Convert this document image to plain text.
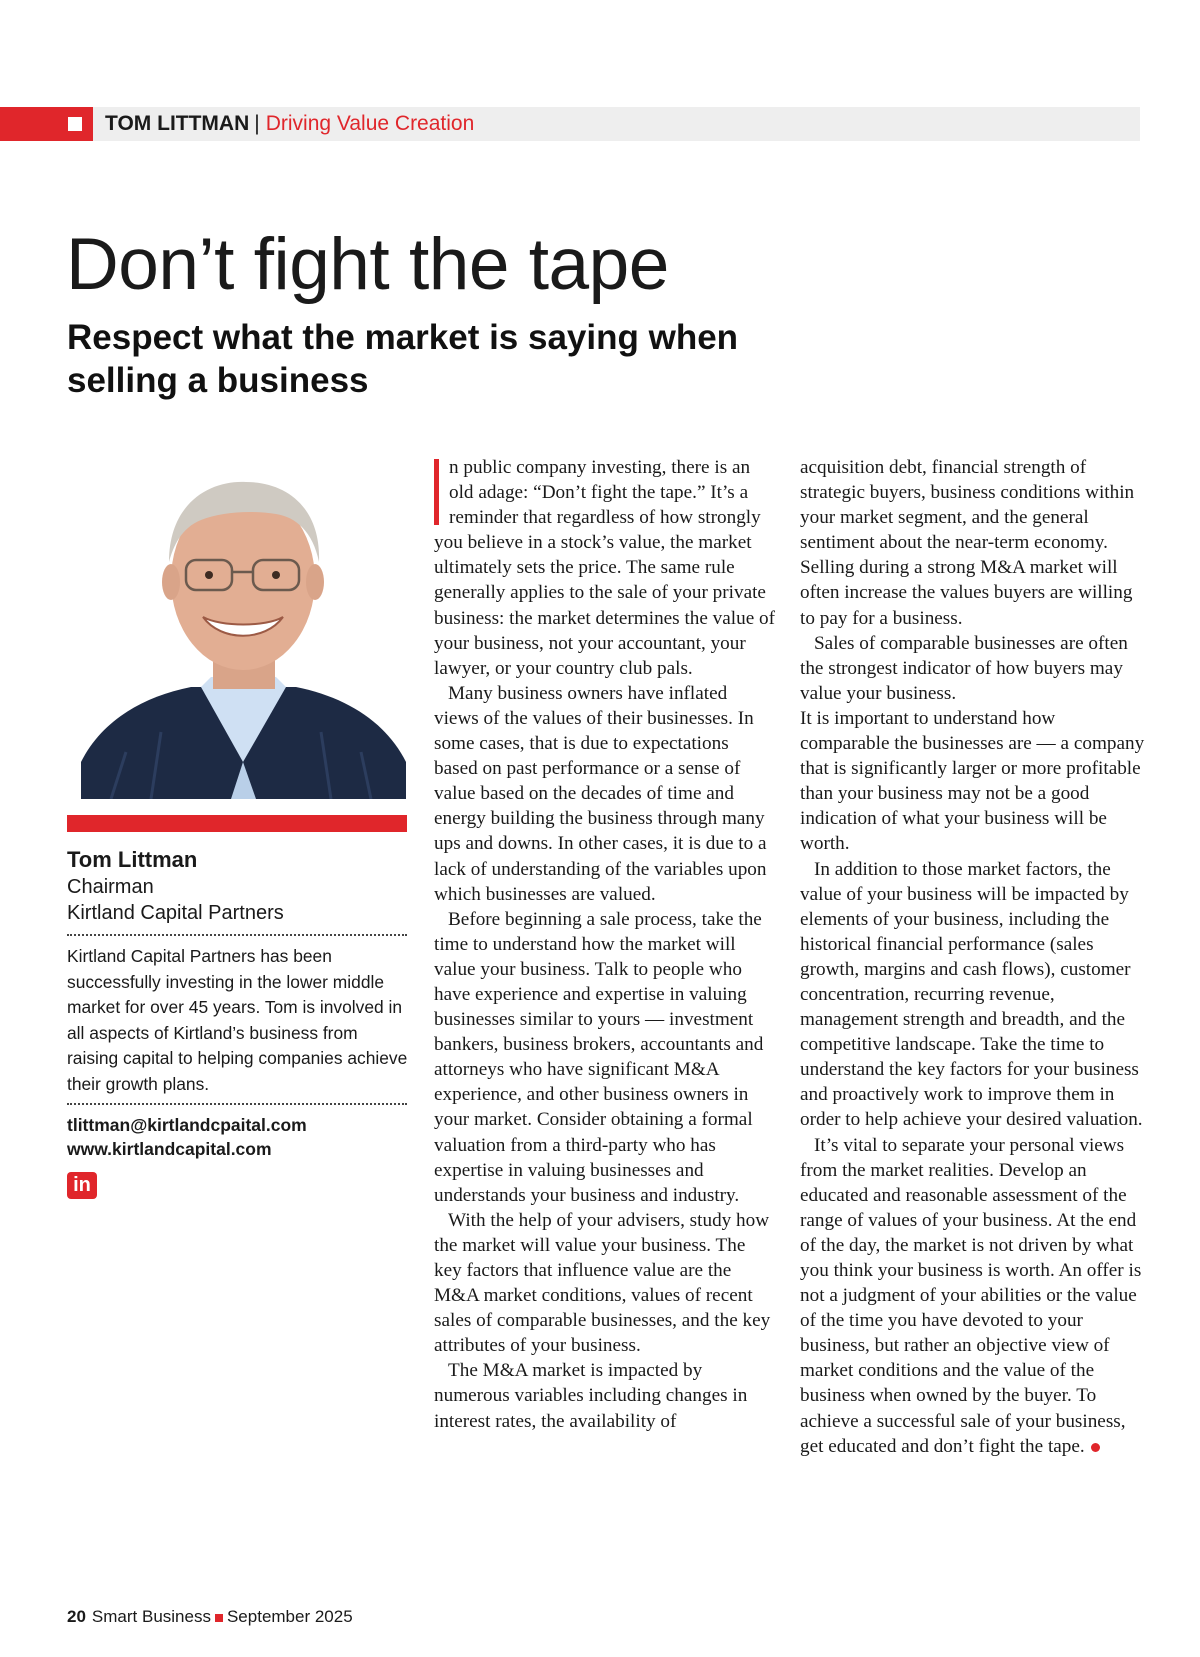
TOM LITTMAN | Driving Value Creation
Don’t fight the tape
Respect what the market is saying when selling a business
Tom Littman
Chairman
Kirtland Capital Partners
Kirtland Capital Partners has been successfully investing in the lower middle market for over 45 years. Tom is involved in all aspects of Kirtland’s business from raising capital to helping companies achieve their growth plans.
tlittman@kirtlandcpaital.com
www.kirtlandcapital.com
in

n public company investing, there is an old adage: “Don’t fight the tape.” It’s a reminder that regardless of how strongly you believe in a stock’s value, the market ultimately sets the price. The same rule generally applies to the sale of your private business: the market determines the value of your business, not your accountant, your lawyer, or your country club pals.

Many business owners have inflated views of the values of their businesses. In some cases, that is due to expectations based on past performance or a sense of value based on the decades of time and energy building the business through many ups and downs. In other cases, it is due to a lack of understanding of the variables upon which businesses are valued.

Before beginning a sale process, take the time to understand how the market will value your business. Talk to people who have experience and expertise in valuing businesses similar to yours — investment bankers, business brokers, accountants and attorneys who have significant M&A experience, and other business owners in your market. Consider obtaining a formal valuation from a third-party who has expertise in valuing businesses and understands your business and industry.

With the help of your advisers, study how the market will value your business. The key factors that influence value are the M&A market conditions, values of recent sales of comparable businesses, and the key attributes of your business.

The M&A market is impacted by numerous variables including changes in interest rates, the availability of

acquisition debt, financial strength of strategic buyers, business conditions within your market segment, and the general sentiment about the near-term economy. Selling during a strong M&A market will often increase the values buyers are willing to pay for a business.

Sales of comparable businesses are often the strongest indicator of how buyers may value your business.

It is important to understand how comparable the businesses are — a company that is significantly larger or more profitable than your business may not be a good indication of what your business will be worth.

In addition to those market factors, the value of your business will be impacted by elements of your business, including the historical financial performance (sales growth, margins and cash flows), customer concentration, recurring revenue, management strength and breadth, and the competitive landscape. Take the time to understand the key factors for your business and proactively work to improve them in order to help achieve your desired valuation.

It’s vital to separate your personal views from the market realities. Develop an educated and reasonable assessment of the range of values of your business. At the end of the day, the market is not driven by what you think your business is worth. An offer is not a judgment of your abilities or the value of the time you have devoted to your business, but rather an objective view of market conditions and the value of the business when owned by the buyer. To achieve a successful sale of your business, get educated and don’t fight the tape.

20 Smart Business September 2025
